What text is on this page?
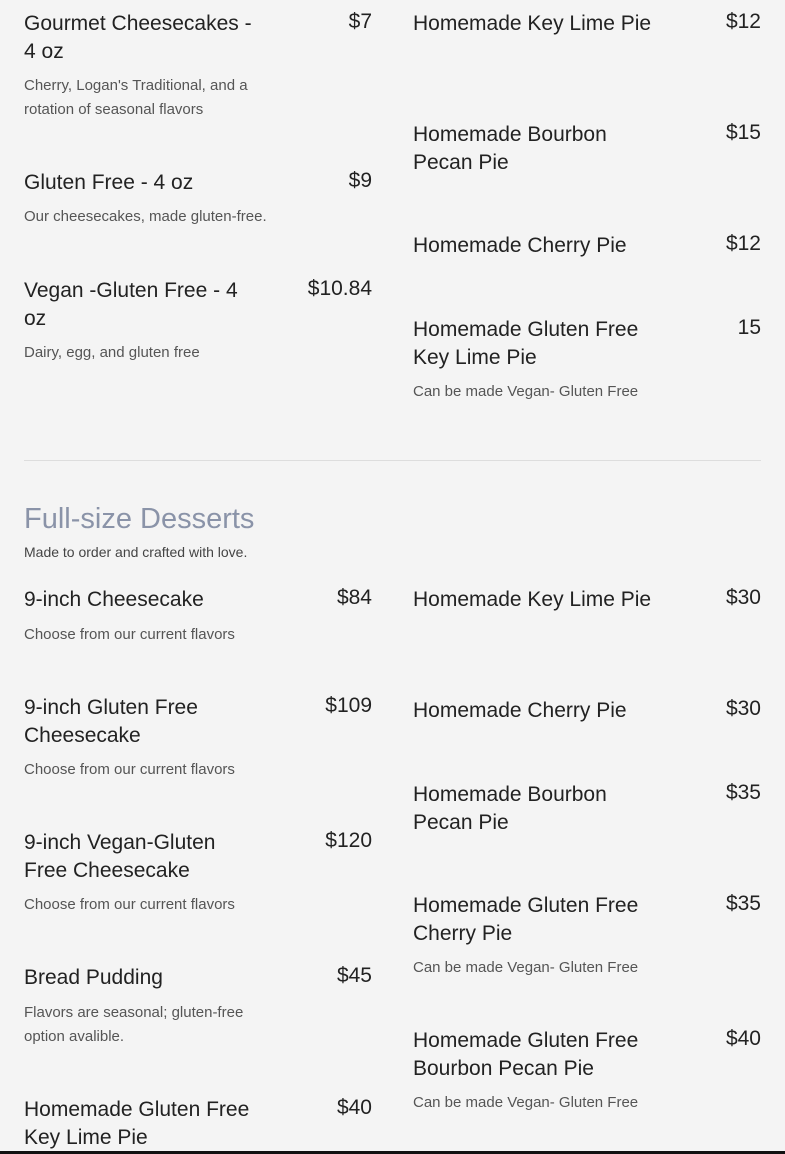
Gourmet Cheesecakes - 4 oz
$7
Cherry, Logan's Traditional, and a rotation of seasonal flavors
Gluten Free - 4 oz	$9
Our cheesecakes, made gluten-free.
Vegan -Gluten Free - 4 oz
$10.84
Dairy, egg, and gluten free
Homemade Key Lime Pie	$12
Homemade Bourbon Pecan Pie
$15
Homemade Cherry Pie	$12
Homemade Gluten Free Key Lime Pie
15
Can be made Vegan- Gluten Free
Full-size Desserts
Made to order and crafted with love.
9-inch Cheesecake	$84
Choose from our current flavors
9-inch Gluten Free Cheesecake
$109
Choose from our current flavors
9-inch Vegan-Gluten Free Cheesecake
$120
Choose from our current flavors
Bread Pudding	$45
Flavors are seasonal; gluten-free option avalible.
Homemade Gluten Free Key Lime Pie
$40
Homemade Key Lime Pie	$30
Homemade Cherry Pie	$30
Homemade Bourbon Pecan Pie
$35
Homemade Gluten Free Cherry Pie
$35
Can be made Vegan- Gluten Free
Homemade Gluten Free Bourbon Pecan Pie
$40
Can be made Vegan- Gluten Free
